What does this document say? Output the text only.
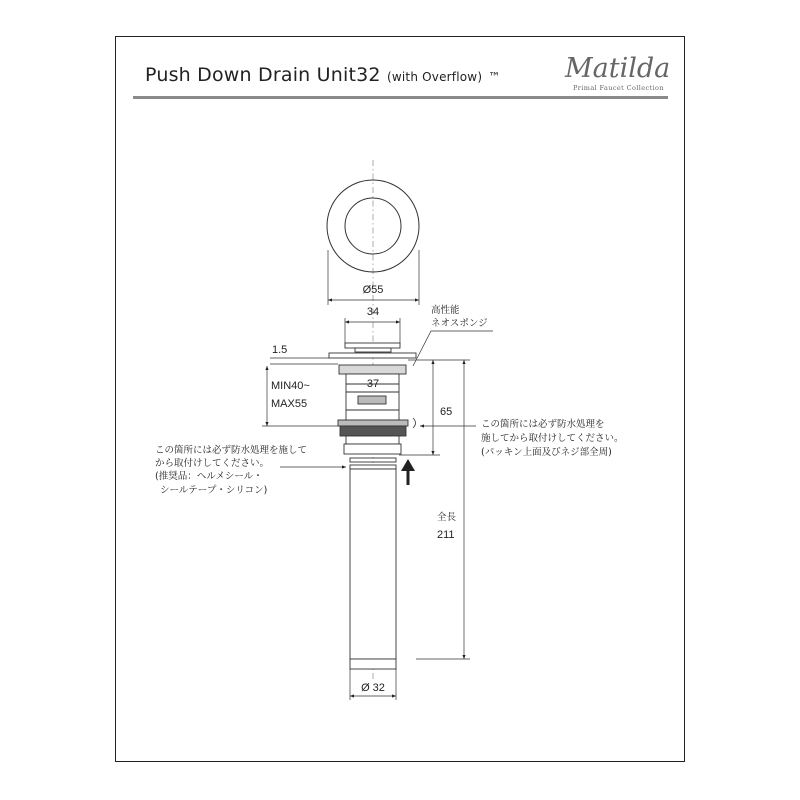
Push Down Drain Unit32 (with Overflow) ™ Matilda
Primal Faucet Collection
Ø55
34
1.5
37
MIN40~
MAX55
高性能
ネオスポンジ
65
全長
211
この箇所には必ず防水処理を
施してから取付けしてください。
(パッキン上面及びネジ部全周)
この箇所には必ず防水処理を施して
から取付けしてください。
(推奨品：ヘルメシール・
シールテープ・シリコン)
Ø 32
